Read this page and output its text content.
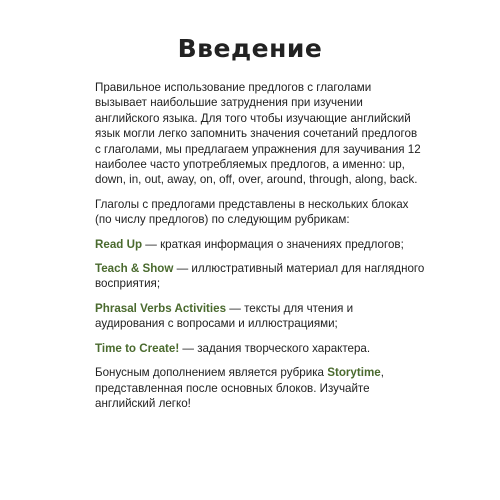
Введение

Правильное использование предлогов с глаголами вызывает наибольшие затруднения при изучении английского языка. Для того чтобы изучающие английский язык могли легко запомнить значения сочетаний предлогов с глаголами, мы предлагаем упражнения для заучивания 12 наиболее часто употребляемых предлогов, а именно: up, down, in, out, away, on, off, over, around, through, along, back.

Глаголы с предлогами представлены в нескольких блоках (по числу предлогов) по следующим рубрикам:

Read Up — краткая информация о значениях предлогов;

Teach & Show — иллюстративный материал для наглядного восприятия;

Phrasal Verbs Activities — тексты для чтения и аудирования с вопросами и иллюстрациями;

Time to Create! — задания творческого характера.

Бонусным дополнением является рубрика Storytime, представленная после основных блоков. Изучайте английский легко!
